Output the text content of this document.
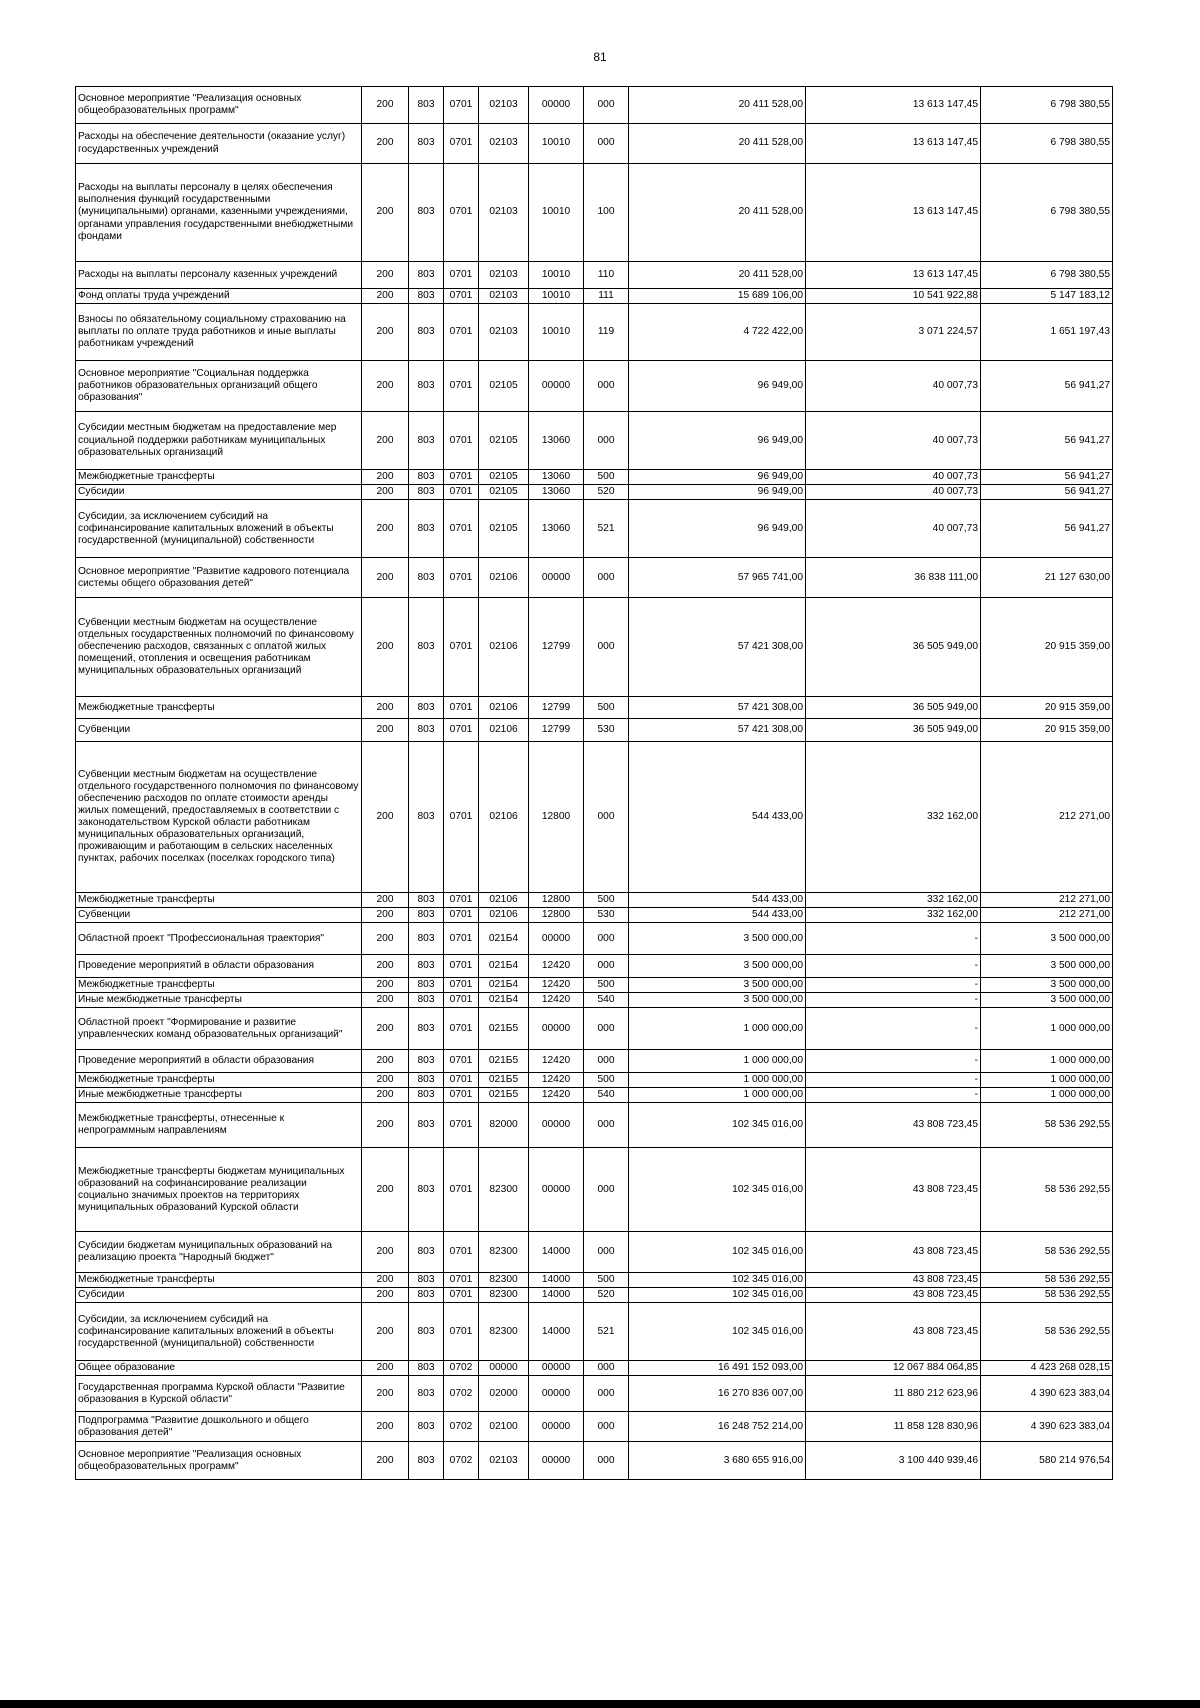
81
Основное мероприятие "Реализация основных общеобразовательных программ"	200	803	0701	02103	00000	000	20 411 528,00	13 613 147,45	6 798 380,55
Расходы на обеспечение деятельности (оказание услуг) государственных учреждений	200	803	0701	02103	10010	000	20 411 528,00	13 613 147,45	6 798 380,55
Расходы на выплаты персоналу в целях обеспечения выполнения функций государственными (муниципальными) органами, казенными учреждениями, органами управления государственными внебюджетными фондами	200	803	0701	02103	10010	100	20 411 528,00	13 613 147,45	6 798 380,55
Расходы на выплаты персоналу казенных учреждений	200	803	0701	02103	10010	110	20 411 528,00	13 613 147,45	6 798 380,55
Фонд оплаты труда учреждений	200	803	0701	02103	10010	111	15 689 106,00	10 541 922,88	5 147 183,12
Взносы по обязательному социальному страхованию на выплаты по оплате труда работников и иные выплаты работникам учреждений	200	803	0701	02103	10010	119	4 722 422,00	3 071 224,57	1 651 197,43
Основное мероприятие "Социальная поддержка работников образовательных организаций общего образования"	200	803	0701	02105	00000	000	96 949,00	40 007,73	56 941,27
Субсидии местным бюджетам на предоставление мер социальной поддержки работникам муниципальных образовательных организаций	200	803	0701	02105	13060	000	96 949,00	40 007,73	56 941,27
Межбюджетные трансферты	200	803	0701	02105	13060	500	96 949,00	40 007,73	56 941,27
Субсидии	200	803	0701	02105	13060	520	96 949,00	40 007,73	56 941,27
Субсидии, за исключением субсидий на софинансирование капитальных вложений в объекты государственной (муниципальной) собственности	200	803	0701	02105	13060	521	96 949,00	40 007,73	56 941,27
Основное мероприятие "Развитие кадрового потенциала системы общего образования детей"	200	803	0701	02106	00000	000	57 965 741,00	36 838 111,00	21 127 630,00
Субвенции местным бюджетам на осуществление отдельных государственных полномочий по финансовому обеспечению расходов, связанных с оплатой жилых помещений, отопления и освещения работникам муниципальных образовательных организаций	200	803	0701	02106	12799	000	57 421 308,00	36 505 949,00	20 915 359,00
Межбюджетные трансферты	200	803	0701	02106	12799	500	57 421 308,00	36 505 949,00	20 915 359,00
Субвенции	200	803	0701	02106	12799	530	57 421 308,00	36 505 949,00	20 915 359,00
Субвенции местным бюджетам на осуществление отдельного государственного полномочия по финансовому обеспечению расходов по оплате стоимости аренды жилых помещений, предоставляемых в соответствии с законодательством Курской области работникам муниципальных образовательных организаций, проживающим и работающим в сельских населенных пунктах, рабочих поселках (поселках городского типа)	200	803	0701	02106	12800	000	544 433,00	332 162,00	212 271,00
Межбюджетные трансферты	200	803	0701	02106	12800	500	544 433,00	332 162,00	212 271,00
Субвенции	200	803	0701	02106	12800	530	544 433,00	332 162,00	212 271,00
Областной проект "Профессиональная траектория"	200	803	0701	021Б4	00000	000	3 500 000,00	-	3 500 000,00
Проведение мероприятий в области образования	200	803	0701	021Б4	12420	000	3 500 000,00	-	3 500 000,00
Межбюджетные трансферты	200	803	0701	021Б4	12420	500	3 500 000,00	-	3 500 000,00
Иные межбюджетные трансферты	200	803	0701	021Б4	12420	540	3 500 000,00	-	3 500 000,00
Областной проект "Формирование и развитие управленческих команд образовательных организаций"	200	803	0701	021Б5	00000	000	1 000 000,00	-	1 000 000,00
Проведение мероприятий в области образования	200	803	0701	021Б5	12420	000	1 000 000,00	-	1 000 000,00
Межбюджетные трансферты	200	803	0701	021Б5	12420	500	1 000 000,00	-	1 000 000,00
Иные межбюджетные трансферты	200	803	0701	021Б5	12420	540	1 000 000,00	-	1 000 000,00
Межбюджетные трансферты, отнесенные к непрограммным направлениям	200	803	0701	82000	00000	000	102 345 016,00	43 808 723,45	58 536 292,55
Межбюджетные трансферты бюджетам муниципальных образований на софинансирование реализации социально значимых проектов на территориях муниципальных образований Курской области	200	803	0701	82300	00000	000	102 345 016,00	43 808 723,45	58 536 292,55
Субсидии бюджетам муниципальных образований на реализацию проекта "Народный бюджет"	200	803	0701	82300	14000	000	102 345 016,00	43 808 723,45	58 536 292,55
Межбюджетные трансферты	200	803	0701	82300	14000	500	102 345 016,00	43 808 723,45	58 536 292,55
Субсидии	200	803	0701	82300	14000	520	102 345 016,00	43 808 723,45	58 536 292,55
Субсидии, за исключением субсидий на софинансирование капитальных вложений в объекты государственной (муниципальной) собственности	200	803	0701	82300	14000	521	102 345 016,00	43 808 723,45	58 536 292,55
Общее образование	200	803	0702	00000	00000	000	16 491 152 093,00	12 067 884 064,85	4 423 268 028,15
Государственная программа Курской области "Развитие образования в Курской области"	200	803	0702	02000	00000	000	16 270 836 007,00	11 880 212 623,96	4 390 623 383,04
Подпрограмма "Развитие дошкольного и общего образования детей"	200	803	0702	02100	00000	000	16 248 752 214,00	11 858 128 830,96	4 390 623 383,04
Основное мероприятие "Реализация основных общеобразовательных программ"	200	803	0702	02103	00000	000	3 680 655 916,00	3 100 440 939,46	580 214 976,54
